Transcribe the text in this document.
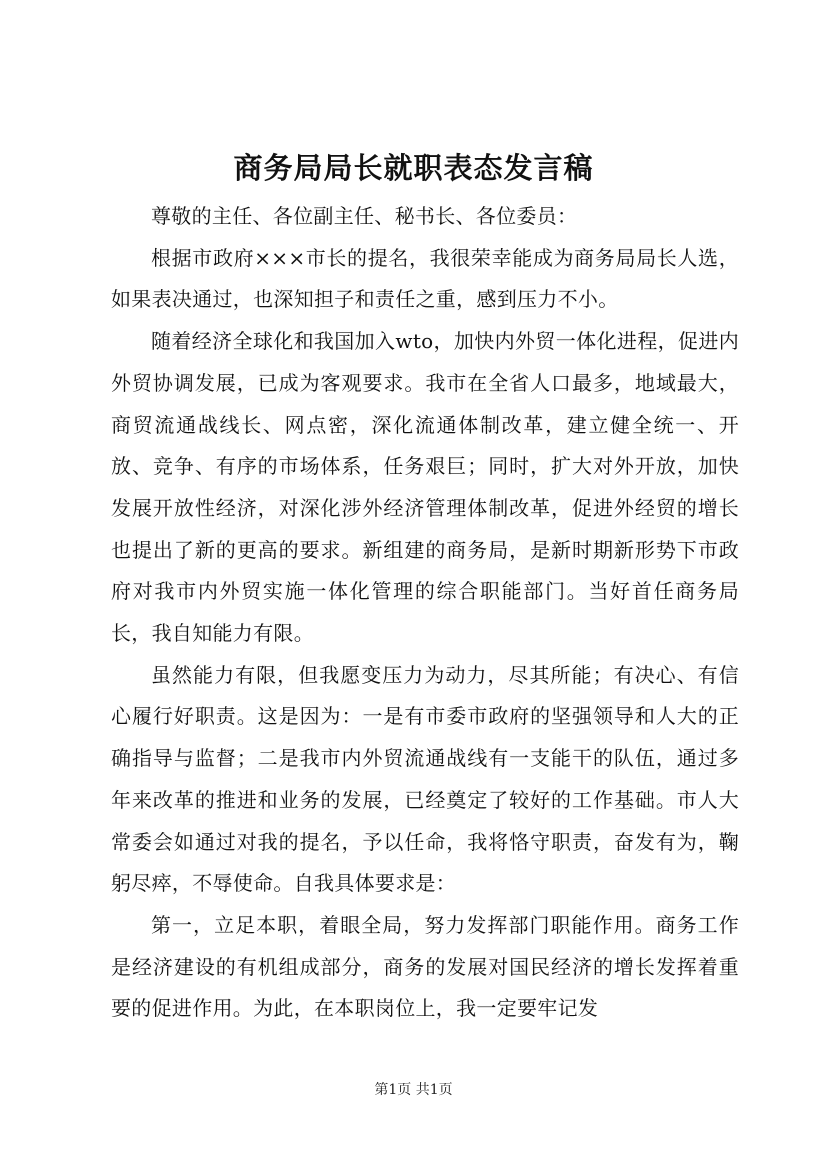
商务局局长就职表态发言稿

尊敬的主任、各位副主任、秘书长、各位委员：

根据市政府×××市长的提名，我很荣幸能成为商务局局长人选，如果表决通过，也深知担子和责任之重，感到压力不小。

随着经济全球化和我国加入wto，加快内外贸一体化进程，促进内外贸协调发展，已成为客观要求。我市在全省人口最多，地域最大，商贸流通战线长、网点密，深化流通体制改革，建立健全统一、开放、竞争、有序的市场体系，任务艰巨；同时，扩大对外开放，加快发展开放性经济，对深化涉外经济管理体制改革，促进外经贸的增长也提出了新的更高的要求。新组建的商务局，是新时期新形势下市政府对我市内外贸实施一体化管理的综合职能部门。当好首任商务局长，我自知能力有限。

虽然能力有限，但我愿变压力为动力，尽其所能；有决心、有信心履行好职责。这是因为：一是有市委市政府的坚强领导和人大的正确指导与监督；二是我市内外贸流通战线有一支能干的队伍，通过多年来改革的推进和业务的发展，已经奠定了较好的工作基础。市人大常委会如通过对我的提名，予以任命，我将恪守职责，奋发有为，鞠躬尽瘁，不辱使命。自我具体要求是：

第一，立足本职，着眼全局，努力发挥部门职能作用。商务工作是经济建设的有机组成部分，商务的发展对国民经济的增长发挥着重要的促进作用。为此，在本职岗位上，我一定要牢记发

第1页 共1页
